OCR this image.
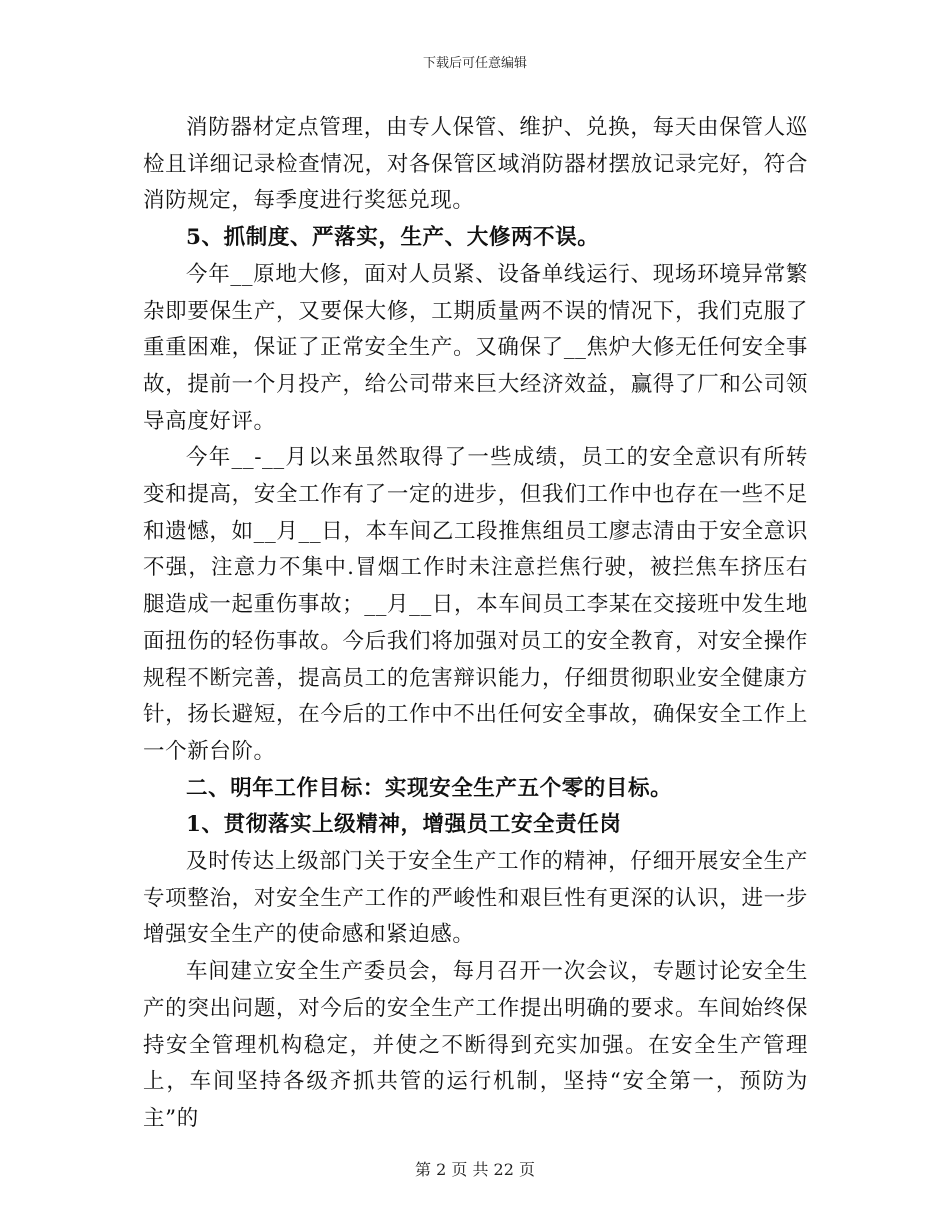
下载后可任意编辑

消防器材定点管理，由专人保管、维护、兑换，每天由保管人巡检且详细记录检查情况，对各保管区域消防器材摆放记录完好，符合消防规定，每季度进行奖惩兑现。

5、抓制度、严落实，生产、大修两不误。

今年__原地大修，面对人员紧、设备单线运行、现场环境异常繁杂即要保生产，又要保大修，工期质量两不误的情况下，我们克服了重重困难，保证了正常安全生产。又确保了__焦炉大修无任何安全事故，提前一个月投产，给公司带来巨大经济效益，赢得了厂和公司领导高度好评。

今年__-__月以来虽然取得了一些成绩，员工的安全意识有所转变和提高，安全工作有了一定的进步，但我们工作中也存在一些不足和遗憾，如__月__日，本车间乙工段推焦组员工廖志清由于安全意识不强，注意力不集中.冒烟工作时未注意拦焦行驶，被拦焦车挤压右腿造成一起重伤事故；__月__日，本车间员工李某在交接班中发生地面扭伤的轻伤事故。今后我们将加强对员工的安全教育，对安全操作规程不断完善，提高员工的危害辩识能力，仔细贯彻职业安全健康方针，扬长避短，在今后的工作中不出任何安全事故，确保安全工作上一个新台阶。

二、明年工作目标：实现安全生产五个零的目标。

1、贯彻落实上级精神，增强员工安全责任岗

及时传达上级部门关于安全生产工作的精神，仔细开展安全生产专项整治，对安全生产工作的严峻性和艰巨性有更深的认识，进一步增强安全生产的使命感和紧迫感。

车间建立安全生产委员会，每月召开一次会议，专题讨论安全生产的突出问题，对今后的安全生产工作提出明确的要求。车间始终保持安全管理机构稳定，并使之不断得到充实加强。在安全生产管理上，车间坚持各级齐抓共管的运行机制，坚持“安全第一，预防为主”的

第 2 页 共 22 页
